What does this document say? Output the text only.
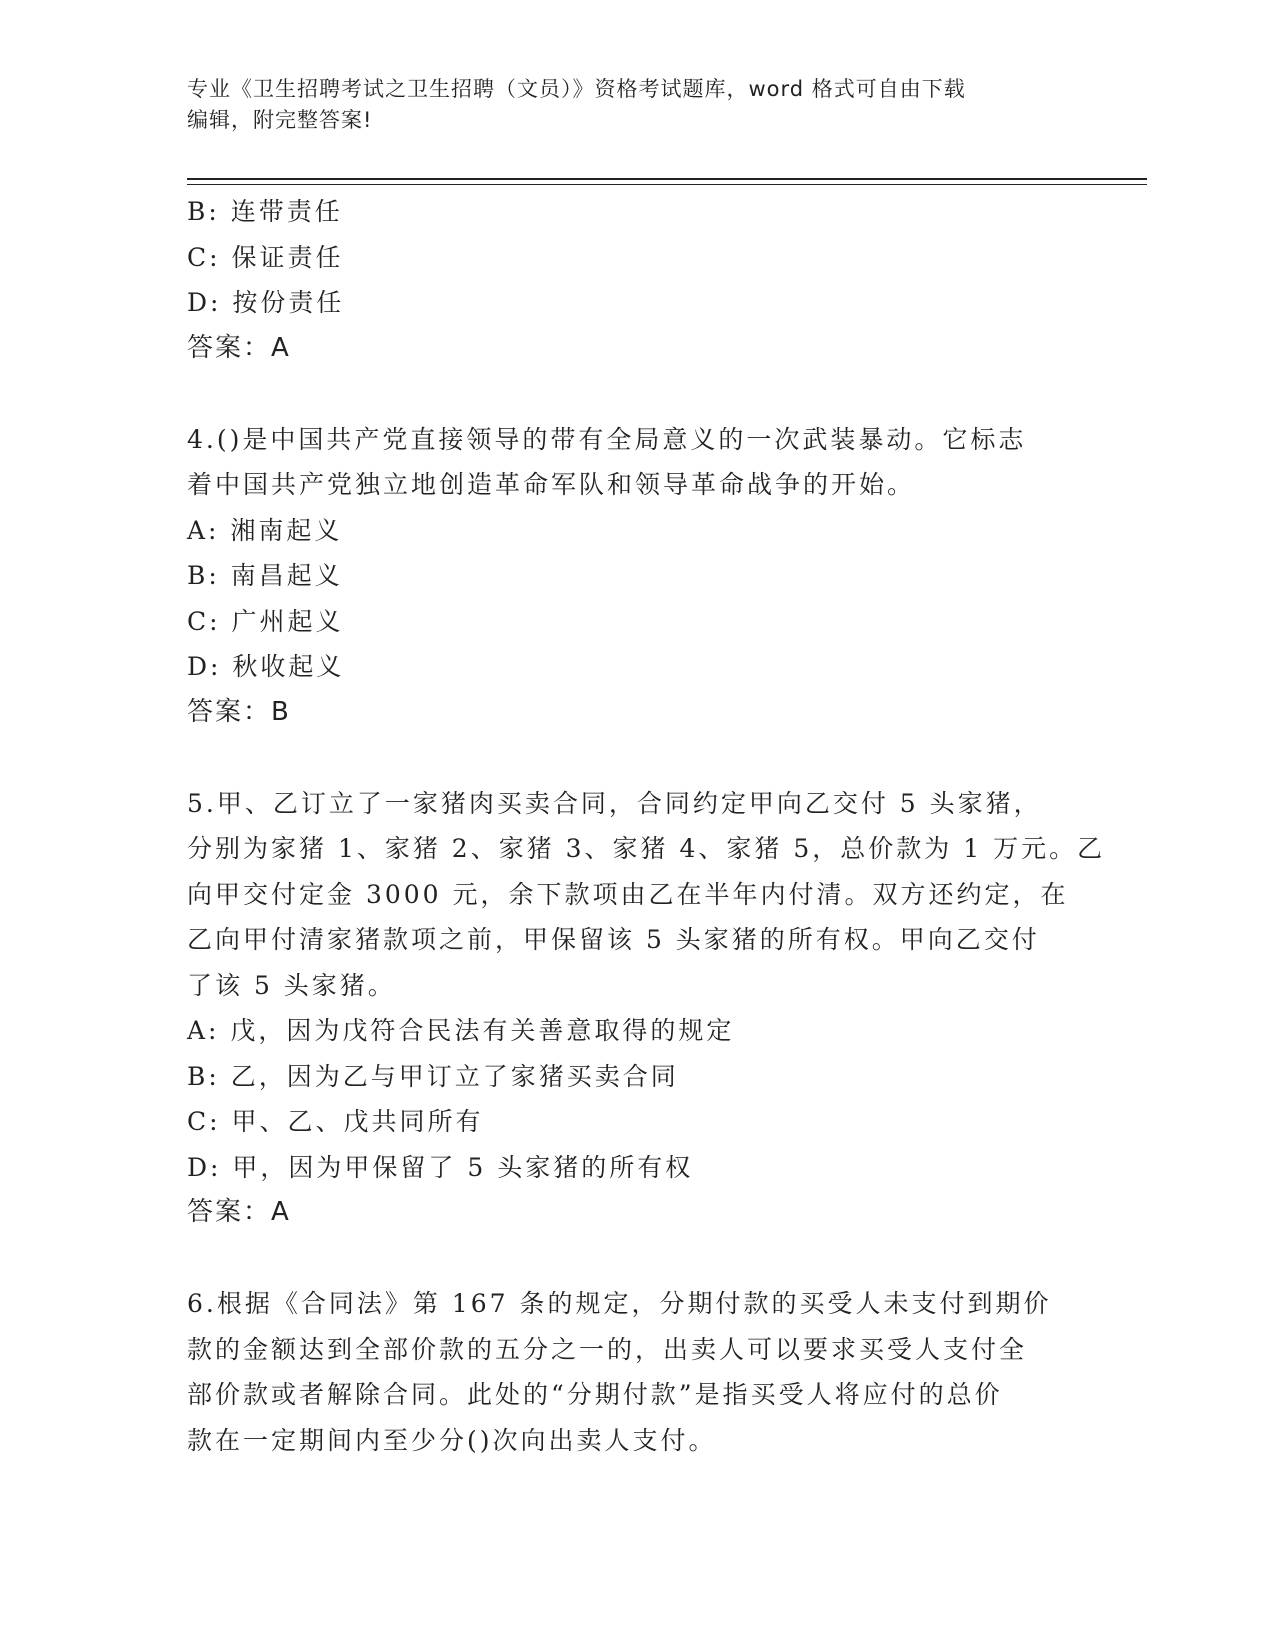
专业《卫生招聘考试之卫生招聘（文员）》资格考试题库，word 格式可自由下载
编辑，附完整答案!
B: 连带责任
C: 保证责任
D: 按份责任
答案：A
4.()是中国共产党直接领导的带有全局意义的一次武装暴动。它标志
着中国共产党独立地创造革命军队和领导革命战争的开始。
A: 湘南起义
B: 南昌起义
C: 广州起义
D: 秋收起义
答案：B
5.甲、乙订立了一家猪肉买卖合同，合同约定甲向乙交付 5 头家猪，
分别为家猪 1、家猪 2、家猪 3、家猪 4、家猪 5，总价款为 1 万元。乙
向甲交付定金 3000 元，余下款项由乙在半年内付清。双方还约定，在
乙向甲付清家猪款项之前，甲保留该 5 头家猪的所有权。甲向乙交付
了该 5 头家猪。
A: 戊，因为戊符合民法有关善意取得的规定
B: 乙，因为乙与甲订立了家猪买卖合同
C: 甲、乙、戊共同所有
D: 甲，因为甲保留了 5 头家猪的所有权
答案：A
6.根据《合同法》第 167 条的规定，分期付款的买受人未支付到期价
款的金额达到全部价款的五分之一的，出卖人可以要求买受人支付全
部价款或者解除合同。此处的“分期付款”是指买受人将应付的总价
款在一定期间内至少分()次向出卖人支付。
